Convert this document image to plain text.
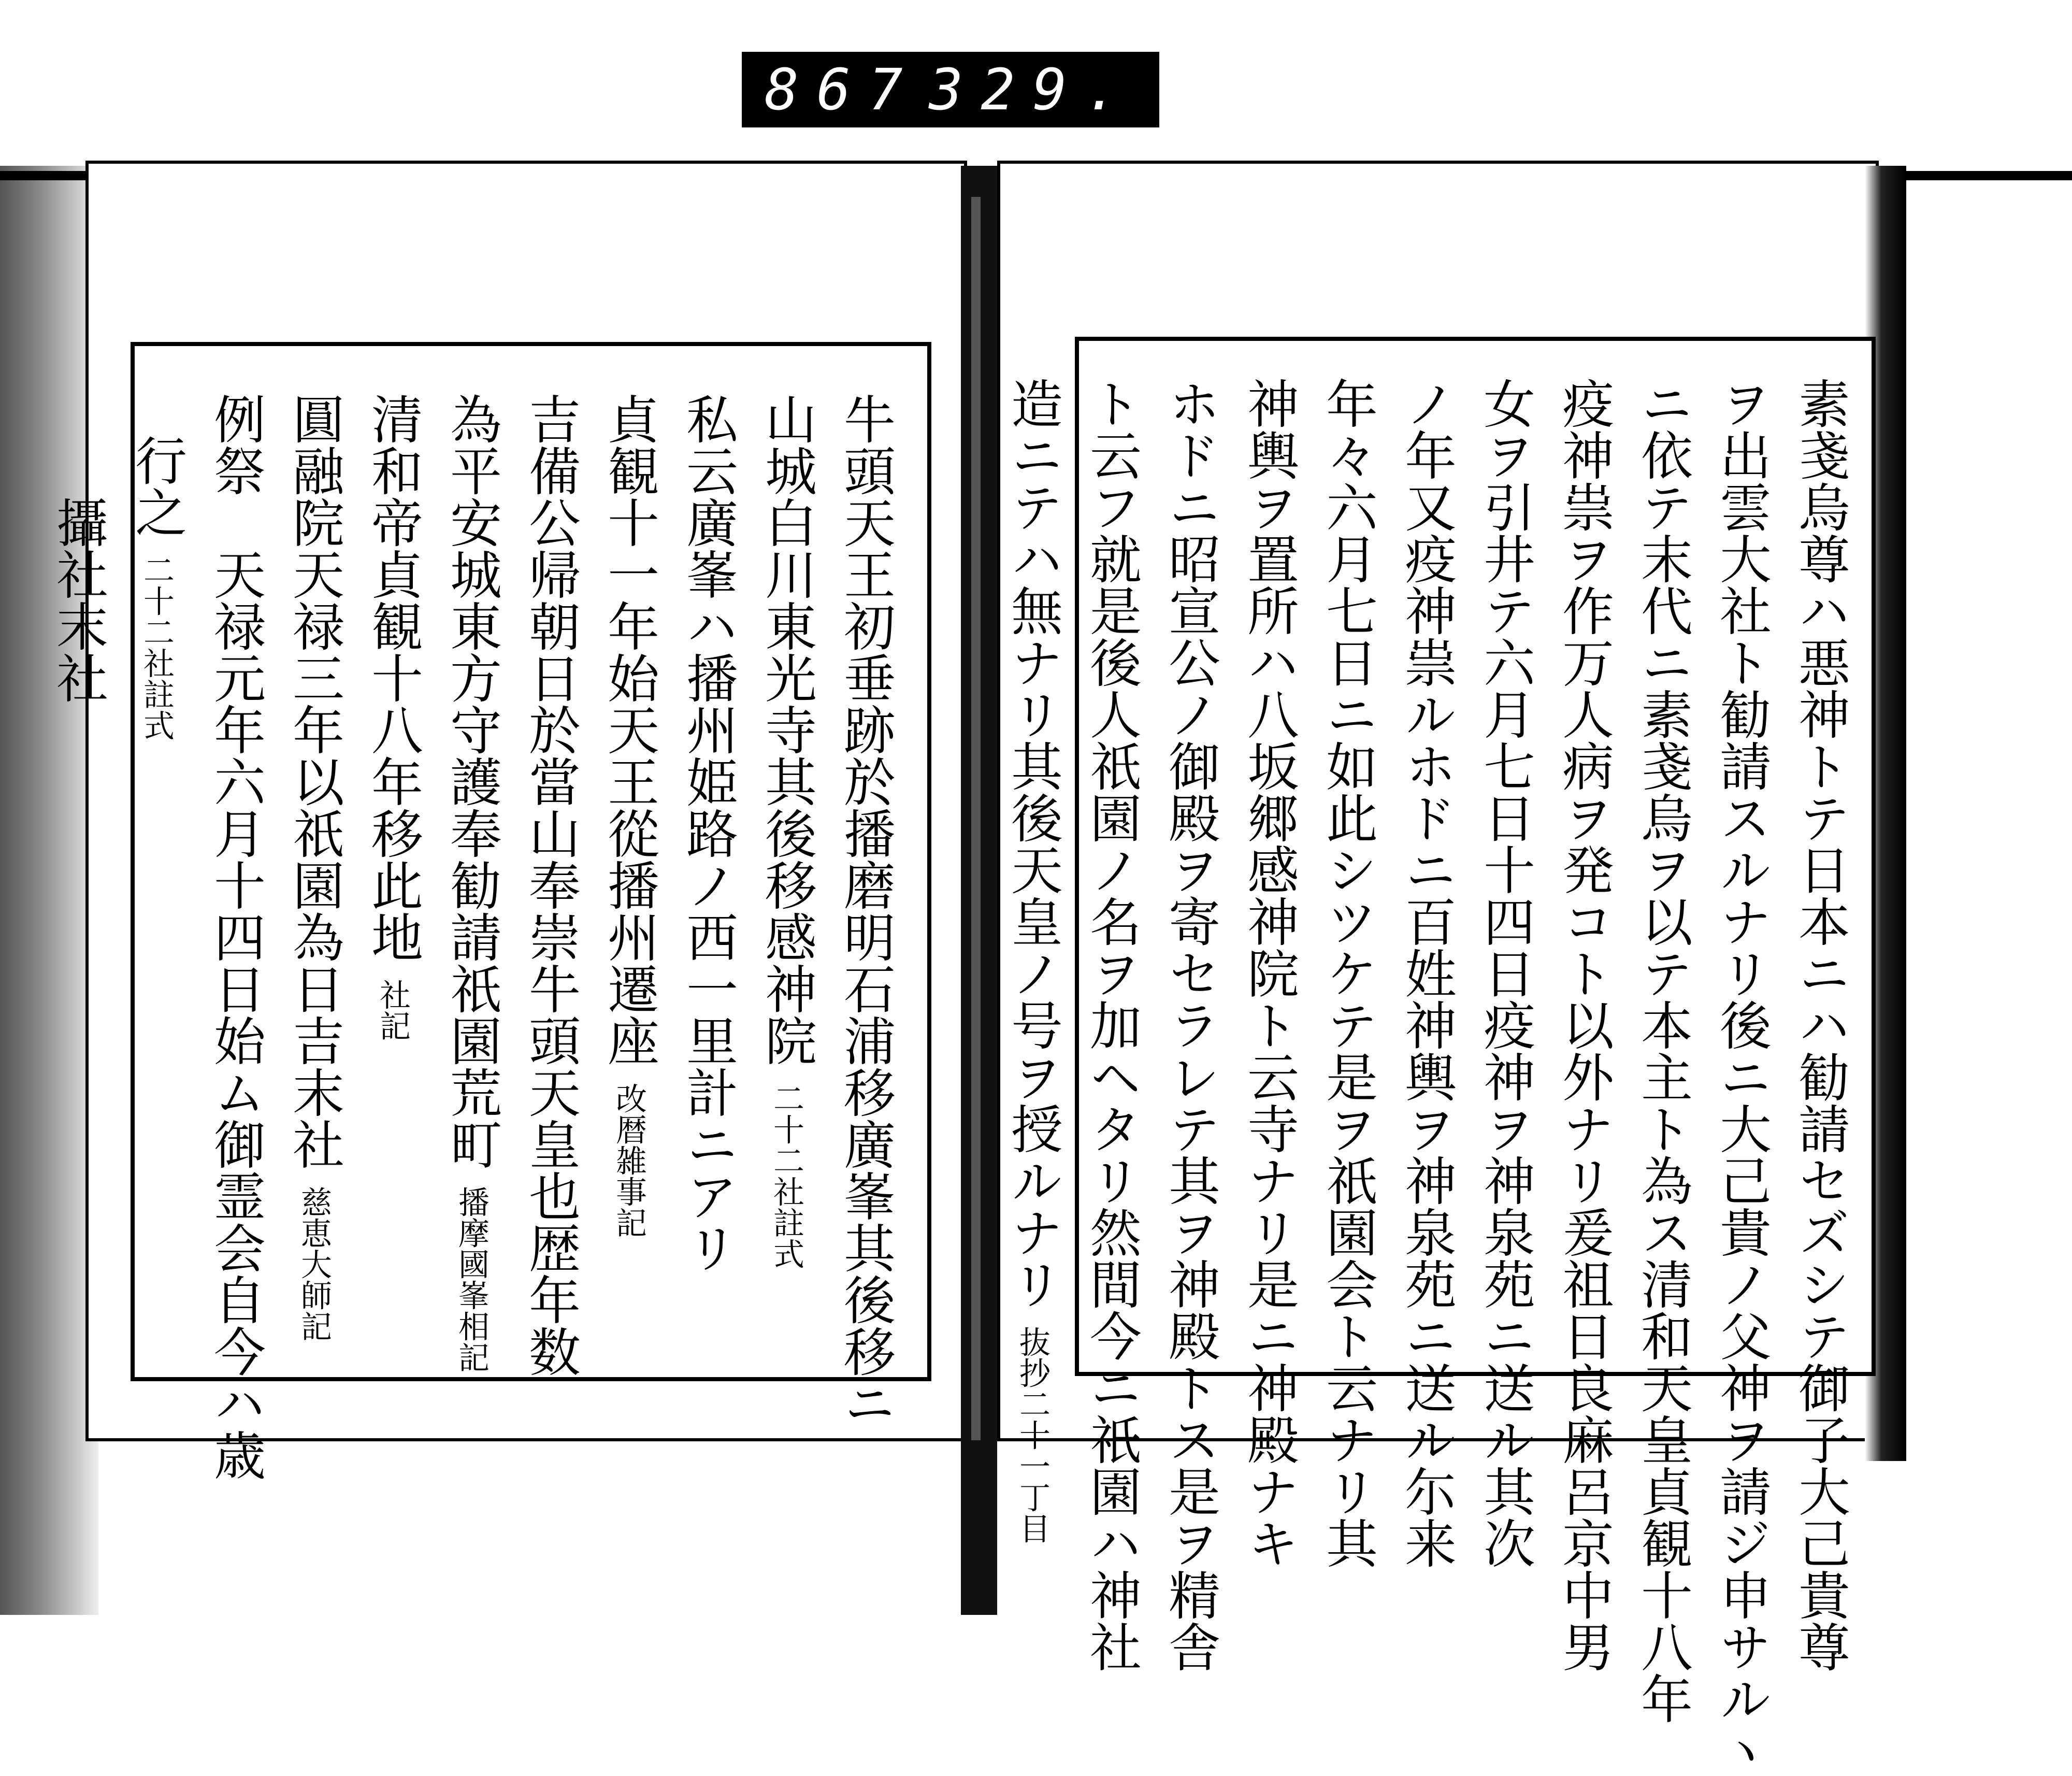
867 329.
牛頭天王初垂跡於播磨明石浦移廣峯其後移ニ
山城白川東光寺其後移感神院 二十二社註式
私云廣峯ハ播州姫路ノ西一里計ニアリ
貞観十一年始天王從播州遷座 改暦雑事記
吉備公帰朝日於當山奉崇牛頭天皇也歴年数
為平安城東方守護奉勧請祇園荒町 播摩國峯相記
清和帝貞観十八年移此地 社記
圓融院天禄三年以祇園為日吉末社 慈恵大師記
例祭　天禄元年六月十四日始ム御霊会自今ハ歳
行之 二十二社註式
攝社末社	素戔烏尊ハ悪神トテ日本ニハ勧請セズシテ御子大己貴尊
ヲ出雲大社ト勧請スルナリ後ニ大己貴ノ父神ヲ請ジ申サルヽ
ニ依テ末代ニ素戔烏ヲ以テ本主ト為ス清和天皇貞観十八年
疫神祟ヲ作万人病ヲ発コト以外ナリ爰祖日良麻呂京中男
女ヲ引井テ六月七日十四日疫神ヲ神泉苑ニ送ル其次
ノ年又疫神祟ルホドニ百姓神輿ヲ神泉苑ニ送ル尓来
年々六月七日ニ如此シツケテ是ヲ祇園会ト云ナリ其
神輿ヲ置所ハ八坂郷感神院ト云寺ナリ是ニ神殿ナキ
ホドニ昭宣公ノ御殿ヲ寄セラレテ其ヲ神殿トス是ヲ精舎
ト云フ就是後人祇園ノ名ヲ加ヘタリ然間今ニ祇園ハ神社
造ニテハ無ナリ其後天皇ノ号ヲ授ルナリ 抜抄二十一丁目
